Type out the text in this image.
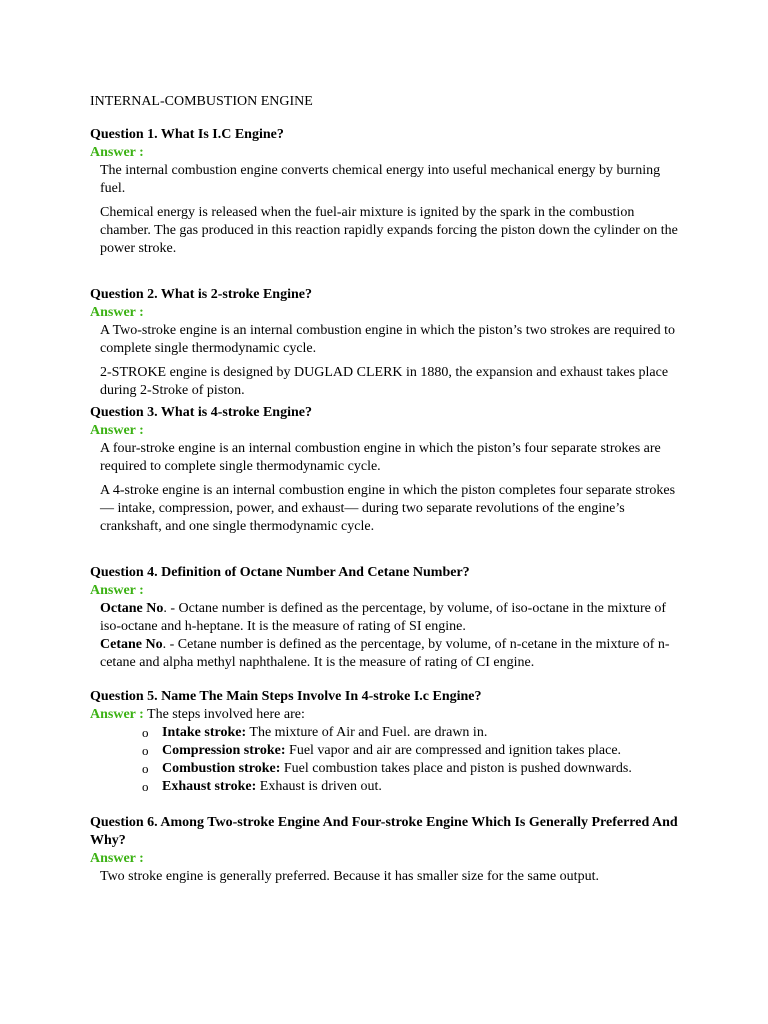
INTERNAL-COMBUSTION ENGINE
Question 1. What Is I.C Engine?
Answer :
The internal combustion engine converts chemical energy into useful mechanical energy by burning fuel.
Chemical energy is released when the fuel-air mixture is ignited by the spark in the combustion chamber. The gas produced in this reaction rapidly expands forcing the piston down the cylinder on the power stroke.
Question 2. What is 2-stroke Engine?
Answer :
A Two-stroke engine is an internal combustion engine in which the piston’s two strokes are required to complete single thermodynamic cycle.
2-STROKE engine is designed by DUGLAD CLERK in 1880, the expansion and exhaust takes place during 2-Stroke of piston.
Question 3. What is 4-stroke Engine?
Answer :
A four-stroke engine is an internal combustion engine in which the piston’s four separate strokes are required to complete single thermodynamic cycle.
A 4-stroke engine is an internal combustion engine in which the piston completes four separate strokes— intake, compression, power, and exhaust— during two separate revolutions of the engine’s crankshaft, and one single thermodynamic cycle.
Question 4. Definition of Octane Number And Cetane Number?
Answer :
Octane No. - Octane number is defined as the percentage, by volume, of iso-octane in the mixture of iso-octane and h-heptane. It is the measure of rating of SI engine.
Cetane No. - Cetane number is defined as the percentage, by volume, of n-cetane in the mixture of n-cetane and alpha methyl naphthalene. It is the measure of rating of CI engine.
Question 5. Name The Main Steps Involve In 4-stroke I.c Engine?
Answer : The steps involved here are:
o Intake stroke: The mixture of Air and Fuel. are drawn in.
o Compression stroke: Fuel vapor and air are compressed and ignition takes place.
o Combustion stroke: Fuel combustion takes place and piston is pushed downwards.
o Exhaust stroke: Exhaust is driven out.
Question 6. Among Two-stroke Engine And Four-stroke Engine Which Is Generally Preferred And Why?
Answer :
Two stroke engine is generally preferred. Because it has smaller size for the same output.
